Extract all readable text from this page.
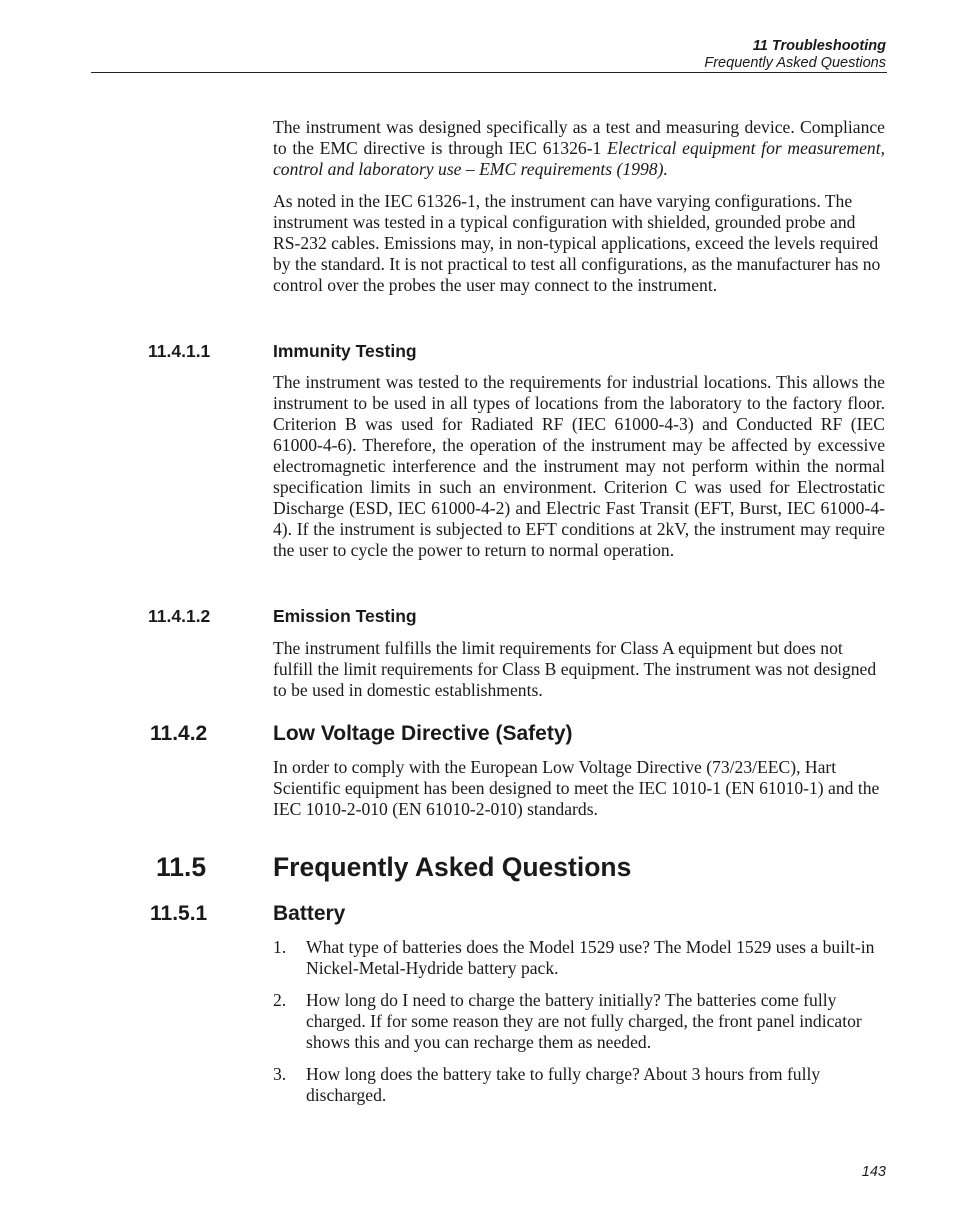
11 Troubleshooting
Frequently Asked Questions

The instrument was designed specifically as a test and measuring device. Compliance to the EMC directive is through IEC 61326-1 Electrical equipment for measurement, control and laboratory use – EMC requirements (1998).

As noted in the IEC 61326-1, the instrument can have varying configurations. The instrument was tested in a typical configuration with shielded, grounded probe and RS-232 cables. Emissions may, in non-typical applications, exceed the levels required by the standard. It is not practical to test all configurations, as the manufacturer has no control over the probes the user may connect to the instrument.

11.4.1.1	Immunity Testing

The instrument was tested to the requirements for industrial locations. This allows the instrument to be used in all types of locations from the laboratory to the factory floor. Criterion B was used for Radiated RF (IEC 61000-4-3) and Conducted RF (IEC 61000-4-6). Therefore, the operation of the instrument may be affected by excessive electromagnetic interference and the instrument may not perform within the normal specification limits in such an environment. Criterion C was used for Electrostatic Discharge (ESD, IEC 61000-4-2) and Electric Fast Transit (EFT, Burst, IEC 61000-4-4). If the instrument is subjected to EFT conditions at 2kV, the instrument may require the user to cycle the power to return to normal operation.

11.4.1.2	Emission Testing

The instrument fulfills the limit requirements for Class A equipment but does not fulfill the limit requirements for Class B equipment. The instrument was not designed to be used in domestic establishments.

11.4.2	Low Voltage Directive (Safety)

In order to comply with the European Low Voltage Directive (73/23/EEC), Hart Scientific equipment has been designed to meet the IEC 1010-1 (EN 61010-1) and the IEC 1010-2-010 (EN 61010-2-010) standards.

11.5	Frequently Asked Questions
11.5.1	Battery
1. What type of batteries does the Model 1529 use? The Model 1529 uses a built-in Nickel-Metal-Hydride battery pack.

2. How long do I need to charge the battery initially? The batteries come fully charged. If for some reason they are not fully charged, the front panel indicator shows this and you can recharge them as needed.

3. How long does the battery take to fully charge? About 3 hours from fully discharged.

143
